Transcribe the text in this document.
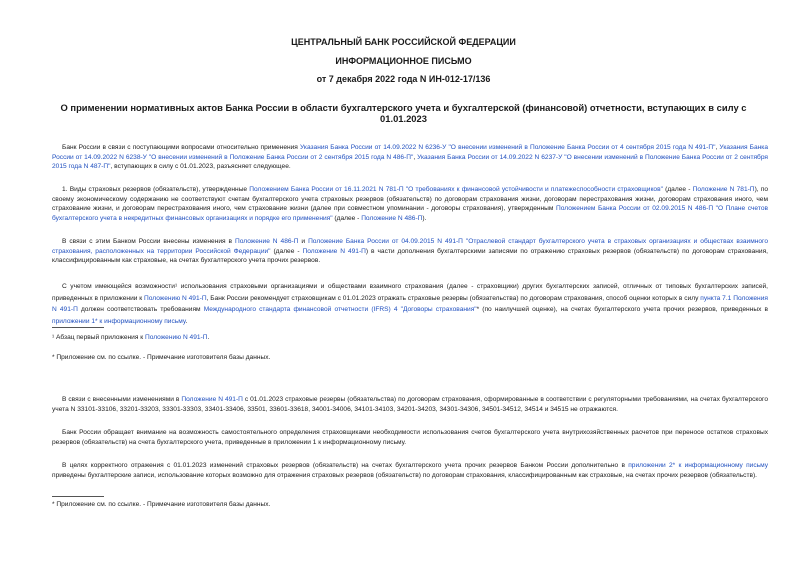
ЦЕНТРАЛЬНЫЙ БАНК РОССИЙСКОЙ ФЕДЕРАЦИИ
ИНФОРМАЦИОННОЕ ПИСЬМО
от 7 декабря 2022 года N ИН-012-17/136
О применении нормативных актов Банка России в области бухгалтерского учета и бухгалтерской (финансовой) отчетности, вступающих в силу с 01.01.2023

Банк России в связи с поступающими вопросами относительно применения Указания Банка России от 14.09.2022 N 6236-У "О внесении изменений в Положение Банка России от 4 сентября 2015 года N 491-П", Указания Банка России от 14.09.2022 N 6238-У "О внесении изменений в Положение Банка России от 2 сентября 2015 года N 486-П", Указания Банка России от 14.09.2022 N 6237-У "О внесении изменений в Положение Банка России от 2 сентября 2015 года N 487-П", вступающих в силу с 01.01.2023, разъясняет следующее.

1. Виды страховых резервов (обязательств), утвержденные Положением Банка России от 16.11.2021 N 781-П "О требованиях к финансовой устойчивости и платежеспособности страховщиков" (далее - Положение N 781-П), по своему экономическому содержанию не соответствуют счетам бухгалтерского учета страховых резервов (обязательств) по договорам страхования жизни, договорам перестрахования жизни, договорам страхования иного, чем страхование жизни, и договорам перестрахования иного, чем страхование жизни (далее при совместном упоминании - договоры страхования), утвержденным Положением Банка России от 02.09.2015 N 486-П "О Плане счетов бухгалтерского учета в некредитных финансовых организациях и порядке его применения" (далее - Положение N 486-П).

В связи с этим Банком России внесены изменения в Положение N 486-П и Положение Банка России от 04.09.2015 N 491-П "Отраслевой стандарт бухгалтерского учета в страховых организациях и обществах взаимного страхования, расположенных на территории Российской Федерации" (далее - Положение N 491-П) в части дополнения бухгалтерскими записями по отражению страховых резервов (обязательств) по договорам страхования, классифицированным как страховые, на счетах бухгалтерского учета прочих резервов.

С учетом имеющейся возможности¹ использования страховыми организациями и обществами взаимного страхования (далее - страховщики) других бухгалтерских записей, отличных от типовых бухгалтерских записей, приведенных в приложении к Положению N 491-П, Банк России рекомендует страховщикам с 01.01.2023 отражать страховые резервы (обязательства) по договорам страхования, способ оценки которых в силу пункта 7.1 Положения N 491-П должен соответствовать требованиям Международного стандарта финансовой отчетности (IFRS) 4 "Договоры страхования"* (по наилучшей оценке), на счетах бухгалтерского учета прочих резервов, приведенных в приложении 1* к информационному письму.

¹ Абзац первый приложения к Положению N 491-П.

* Приложение см. по ссылке. - Примечание изготовителя базы данных.

В связи с внесенными изменениями в Положение N 491-П с 01.01.2023 страховые резервы (обязательства) по договорам страхования, сформированные в соответствии с регуляторными требованиями, на счетах бухгалтерского учета N 33101-33106, 33201-33203, 33301-33303, 33401-33406, 33501, 33601-33618, 34001-34006, 34101-34103, 34201-34203, 34301-34306, 34501-34512, 34514 и 34515 не отражаются.

Банк России обращает внимание на возможность самостоятельного определения страховщиками необходимости использования счетов бухгалтерского учета внутрихозяйственных расчетов при переносе остатков страховых резервов (обязательств) на счета бухгалтерского учета, приведенные в приложении 1 к информационному письму.

В целях корректного отражения с 01.01.2023 изменений страховых резервов (обязательств) на счетах бухгалтерского учета прочих резервов Банком России дополнительно в приложении 2* к информационному письму приведены бухгалтерские записи, использование которых возможно для отражения страховых резервов (обязательств) по договорам страхования, классифицированным как страховые, на счетах прочих резервов (обязательств).

* Приложение см. по ссылке. - Примечание изготовителя базы данных.
